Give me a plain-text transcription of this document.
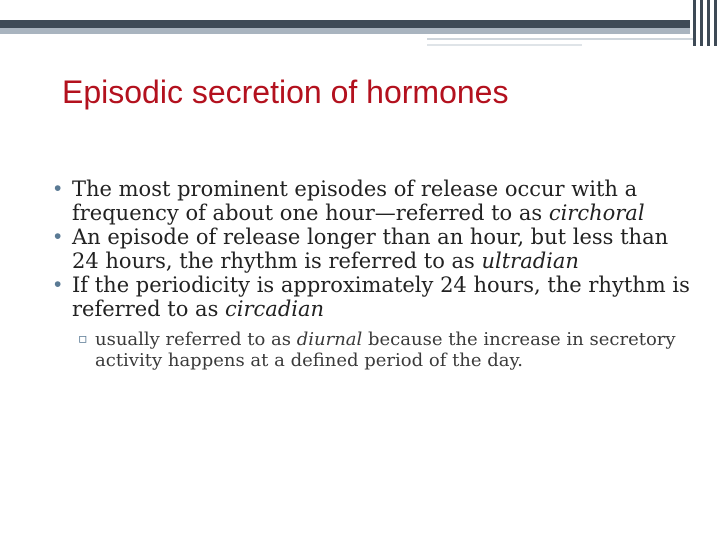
Episodic secretion of hormones

• The most prominent episodes of release occur with a frequency of about one hour—referred to as circhoral

• An episode of release longer than an hour, but less than 24 hours, the rhythm is referred to as ultradian

• If the periodicity is approximately 24 hours, the rhythm is referred to as circadian

▫ usually referred to as diurnal because the increase in secretory activity happens at a defined period of the day.
